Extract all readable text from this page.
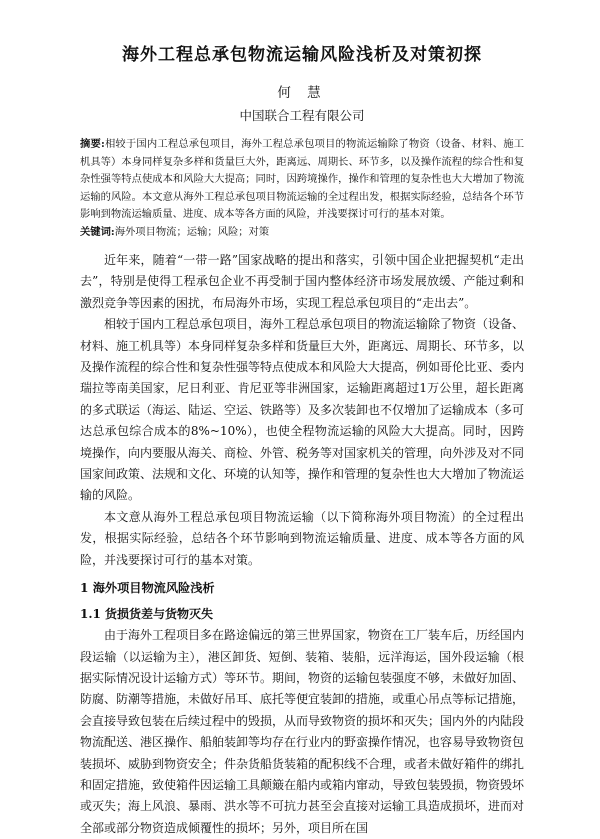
海外工程总承包物流运输风险浅析及对策初探
何 慧
中国联合工程有限公司

摘要:相较于国内工程总承包项目，海外工程总承包项目的物流运输除了物资（设备、材料、施工机具等）本身同样复杂多样和货量巨大外，距离远、周期长、环节多，以及操作流程的综合性和复杂性强等特点使成本和风险大大提高；同时，因跨境操作，操作和管理的复杂性也大大增加了物流运输的风险。本文意从海外工程总承包项目物流运输的全过程出发，根据实际经验，总结各个环节影响到物流运输质量、进度、成本等各方面的风险，并浅要探讨可行的基本对策。

关键词:海外项目物流；运输；风险；对策

近年来，随着“一带一路”国家战略的提出和落实，引领中国企业把握契机“走出去”，特别是使得工程承包企业不再受制于国内整体经济市场发展放缓、产能过剩和激烈竞争等因素的困扰，布局海外市场，实现工程总承包项目的“走出去”。

相较于国内工程总承包项目，海外工程总承包项目的物流运输除了物资（设备、材料、施工机具等）本身同样复杂多样和货量巨大外，距离远、周期长、环节多，以及操作流程的综合性和复杂性强等特点使成本和风险大大提高，例如哥伦比亚、委内瑞拉等南美国家，尼日利亚、肯尼亚等非洲国家，运输距离超过1万公里，超长距离的多式联运（海运、陆运、空运、铁路等）及多次装卸也不仅增加了运输成本（多可达总承包综合成本的8%~10%），也使全程物流运输的风险大大提高。同时，因跨境操作，向内要服从海关、商检、外管、税务等对国家机关的管理，向外涉及对不同国家间政策、法规和文化、环境的认知等，操作和管理的复杂性也大大增加了物流运输的风险。

本文意从海外工程总承包项目物流运输（以下简称海外项目物流）的全过程出发，根据实际经验，总结各个环节影响到物流运输质量、进度、成本等各方面的风险，并浅要探讨可行的基本对策。

1 海外项目物流风险浅析
1.1 货损货差与货物灭失

由于海外工程项目多在路途偏远的第三世界国家，物资在工厂装车后，历经国内段运输（以运输为主），港区卸货、短倒、装箱、装船，远洋海运，国外段运输（根据实际情况设计运输方式）等环节。期间，物资的运输包装强度不够，未做好加固、防腐、防潮等措施，未做好吊耳、底托等便宜装卸的措施，或重心吊点等标记措施，会直接导致包装在后续过程中的毁损，从而导致物资的损坏和灭失；国内外的内陆段物流配送、港区操作、船舶装卸等均存在行业内的野蛮操作情况，也容易导致物资包装损坏、威胁到物资安全；件杂货船货装箱的配积线不合理，或者未做好箱件的绑扎和固定措施，致使箱件因运输工具颠簸在船内或箱内窜动，导致包装毁损，物资毁坏或灭失；海上风浪、暴雨、洪水等不可抗力甚至会直接对运输工具造成损坏，进而对全部或部分物资造成倾覆性的损坏；另外，项目所在国
